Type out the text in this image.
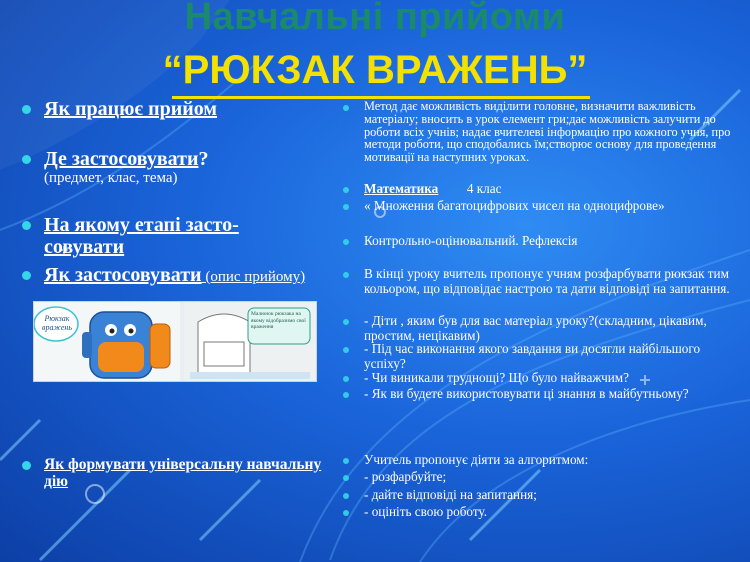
Навчальні прийоми
“РЮКЗАК ВРАЖЕНЬ”
Як працює прийом
Де застосовувати?
(предмет, клас, тема)
На якому етапі засто-совувати
Як застосовувати (опис прийому)
Як формувати універсальну навчальну дію
Рюкзак вражень
Малюнок рюкзака на якому відобразимо свої враження
Метод дає можливість виділити головне, визначити важливість матеріалу; вносить в урок елемент гри;дає можливість залучити до роботи всіх учнів; надає вчителеві інформацію про кожного учня, про методи роботи, що сподобались їм;створює основу для проведення мотивації на наступних уроках.
Математика 4 клас
« Множення багатоцифрових чисел на одноцифрове»
Контрольно-оцінювальний. Рефлексія
В кінці уроку вчитель пропонує учням розфарбувати рюкзак тим кольором, що відповідає настрою та дати відповіді на запитання.
- Діти , яким був для вас матеріал уроку?(складним, цікавим, простим, нецікавим)
- Під час виконання якого завдання ви досягли найбільшого успіху?
- Чи виникали труднощі? Що було найважчим?
- Як ви будете використовувати ці знання в майбутньому?
Учитель пропонує діяти за алгоритмом:
- розфарбуйте;
- дайте відповіді на запитання;
- оцініть свою роботу.
